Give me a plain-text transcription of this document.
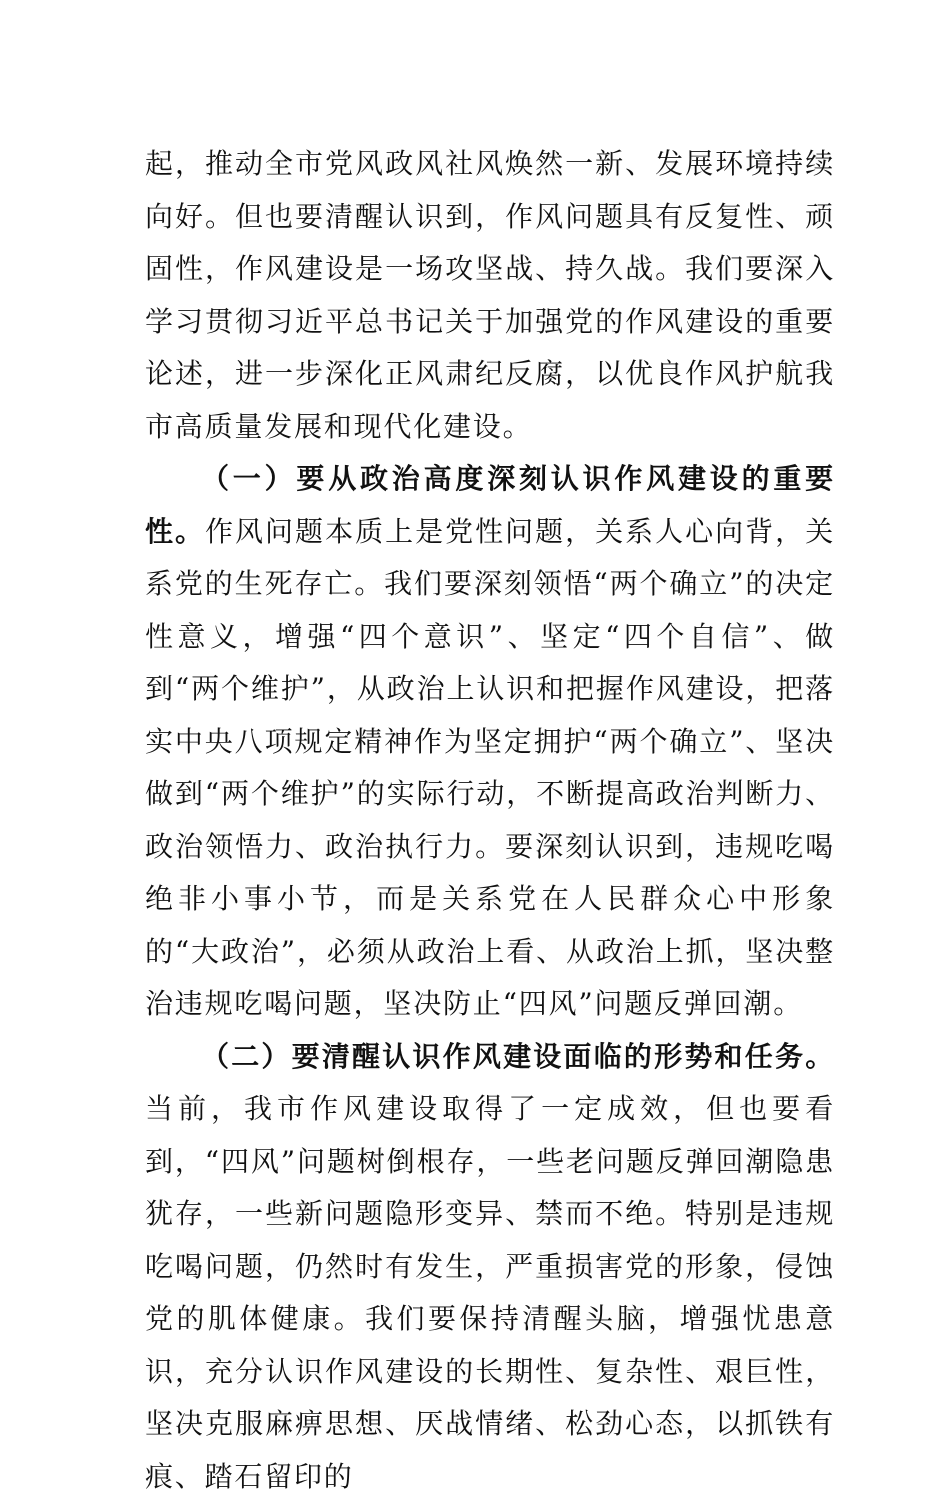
起，推动全市党风政风社风焕然一新、发展环境持续向好。但也要清醒认识到，作风问题具有反复性、顽固性，作风建设是一场攻坚战、持久战。我们要深入学习贯彻习近平总书记关于加强党的作风建设的重要论述，进一步深化正风肃纪反腐，以优良作风护航我市高质量发展和现代化建设。

（一）要从政治高度深刻认识作风建设的重要性。作风问题本质上是党性问题，关系人心向背，关系党的生死存亡。我们要深刻领悟“两个确立”的决定性意义，增强“四个意识”、坚定“四个自信”、做到“两个维护”，从政治上认识和把握作风建设，把落实中央八项规定精神作为坚定拥护“两个确立”、坚决做到“两个维护”的实际行动，不断提高政治判断力、政治领悟力、政治执行力。要深刻认识到，违规吃喝绝非小事小节，而是关系党在人民群众心中形象的“大政治”，必须从政治上看、从政治上抓，坚决整治违规吃喝问题，坚决防止“四风”问题反弹回潮。

（二）要清醒认识作风建设面临的形势和任务。当前，我市作风建设取得了一定成效，但也要看到，“四风”问题树倒根存，一些老问题反弹回潮隐患犹存，一些新问题隐形变异、禁而不绝。特别是违规吃喝问题，仍然时有发生，严重损害党的形象，侵蚀党的肌体健康。我们要保持清醒头脑，增强忧患意识，充分认识作风建设的长期性、复杂性、艰巨性，坚决克服麻痹思想、厌战情绪、松劲心态，以抓铁有痕、踏石留印的
